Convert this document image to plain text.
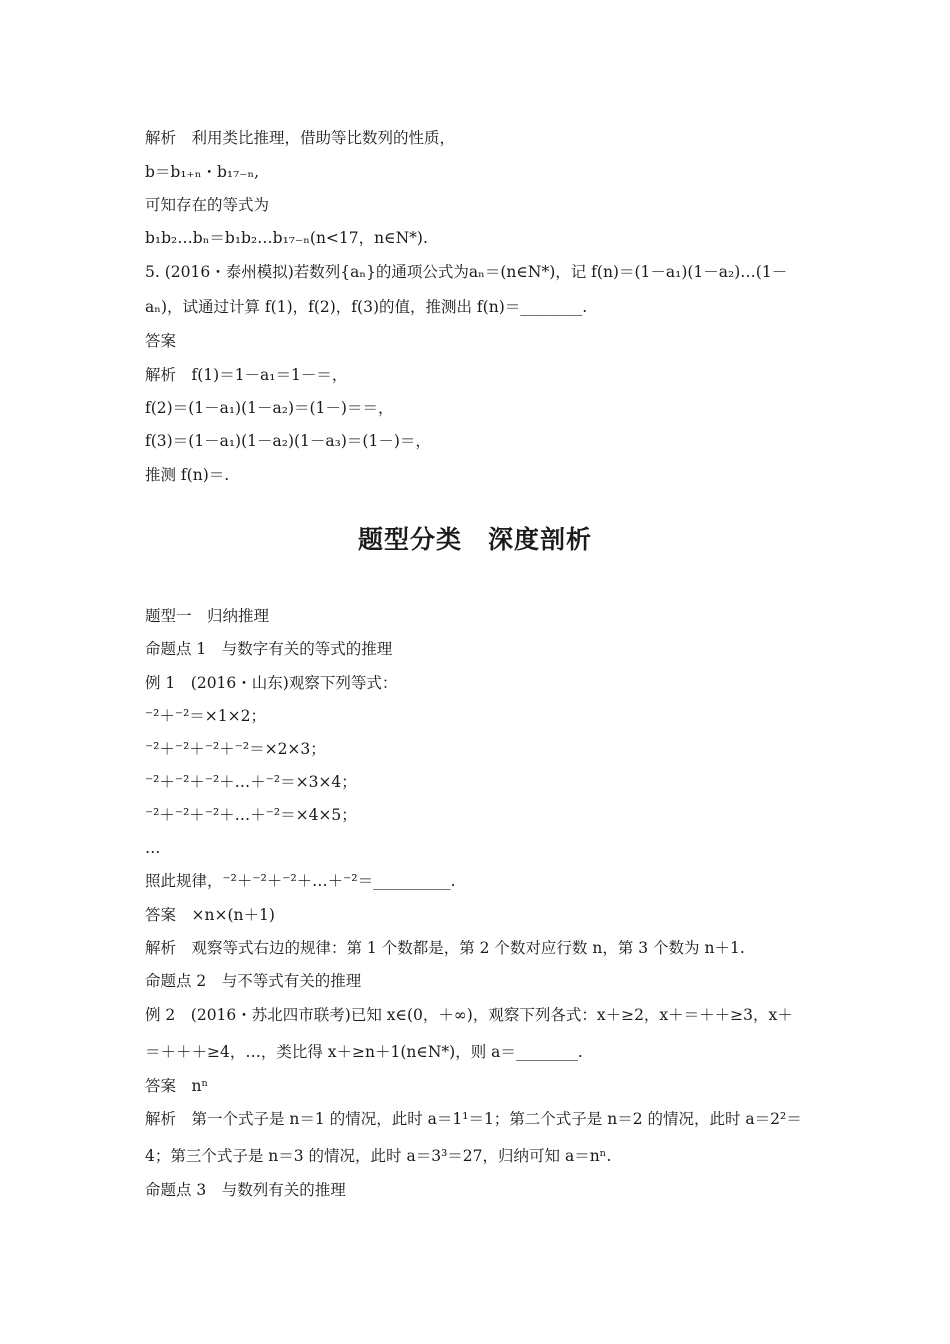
解析　利用类比推理，借助等比数列的性质，
b＝b₁₊ₙ・b₁₇₋ₙ,
可知存在的等式为
b₁b₂…bₙ＝b₁b₂…b₁₇₋ₙ(n<17，n∈N*).
5. (2016・泰州模拟)若数列{aₙ}的通项公式为aₙ＝(n∈N*)，记 f(n)＝(1－a₁)(1－a₂)…(1－
aₙ)，试通过计算 f(1)，f(2)，f(3)的值，推测出 f(n)＝________.
答案
解析　f(1)＝1－a₁＝1－＝，
f(2)＝(1－a₁)(1－a₂)＝(1－)＝＝，
f(3)＝(1－a₁)(1－a₂)(1－a₃)＝(1－)＝，
推测 f(n)＝.
题型分类　深度剖析
题型一　归纳推理
命题点 1　与数字有关的等式的推理
例 1　(2016・山东)观察下列等式：
⁻²＋⁻²＝×1×2；
⁻²＋⁻²＋⁻²＋⁻²＝×2×3；
⁻²＋⁻²＋⁻²＋…＋⁻²＝×3×4；
⁻²＋⁻²＋⁻²＋…＋⁻²＝×4×5；
…
照此规律，⁻²＋⁻²＋⁻²＋…＋⁻²＝__________.
答案　×n×(n＋1)
解析　观察等式右边的规律：第 1 个数都是，第 2 个数对应行数 n，第 3 个数为 n＋1.
命题点 2　与不等式有关的推理
例 2　(2016・苏北四市联考)已知 x∈(0，＋∞)，观察下列各式：x＋≥2，x＋＝＋＋≥3，x＋
＝＋＋＋≥4，…，类比得 x＋≥n＋1(n∈N*)，则 a＝________.
答案　nⁿ
解析　第一个式子是 n＝1 的情况，此时 a＝1¹＝1；第二个式子是 n＝2 的情况，此时 a＝2²＝
4；第三个式子是 n＝3 的情况，此时 a＝3³＝27，归纳可知 a＝nⁿ.
命题点 3　与数列有关的推理
